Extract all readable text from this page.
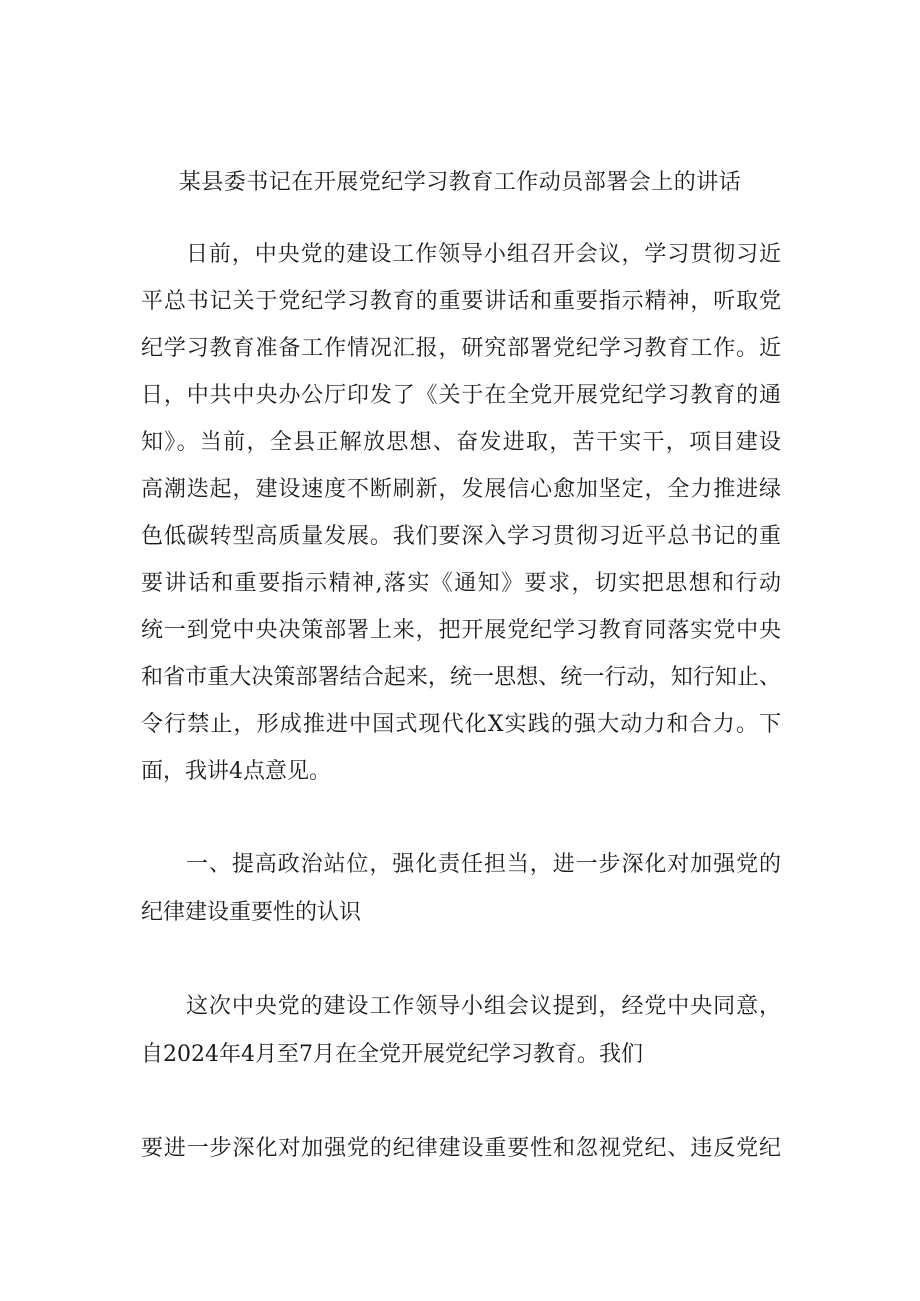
某县委书记在开展党纪学习教育工作动员部署会上的讲话
日前，中央党的建设工作领导小组召开会议，学习贯彻习近
平总书记关于党纪学习教育的重要讲话和重要指示精神，听取党
纪学习教育准备工作情况汇报，研究部署党纪学习教育工作。近
日，中共中央办公厅印发了《关于在全党开展党纪学习教育的通
知》。当前，全县正解放思想、奋发进取，苦干实干，项目建设
高潮迭起，建设速度不断刷新，发展信心愈加坚定，全力推进绿
色低碳转型高质量发展。我们要深入学习贯彻习近平总书记的重
要讲话和重要指示精神,落实《通知》要求，切实把思想和行动
统一到党中央决策部署上来，把开展党纪学习教育同落实党中央
和省市重大决策部署结合起来，统一思想、统一行动，知行知止、
令行禁止，形成推进中国式现代化X实践的强大动力和合力。下
面，我讲4点意见。
一、提高政治站位，强化责任担当，进一步深化对加强党的
纪律建设重要性的认识
这次中央党的建设工作领导小组会议提到，经党中央同意，
自2024年4月至7月在全党开展党纪学习教育。我们
要进一步深化对加强党的纪律建设重要性和忽视党纪、违反党纪
